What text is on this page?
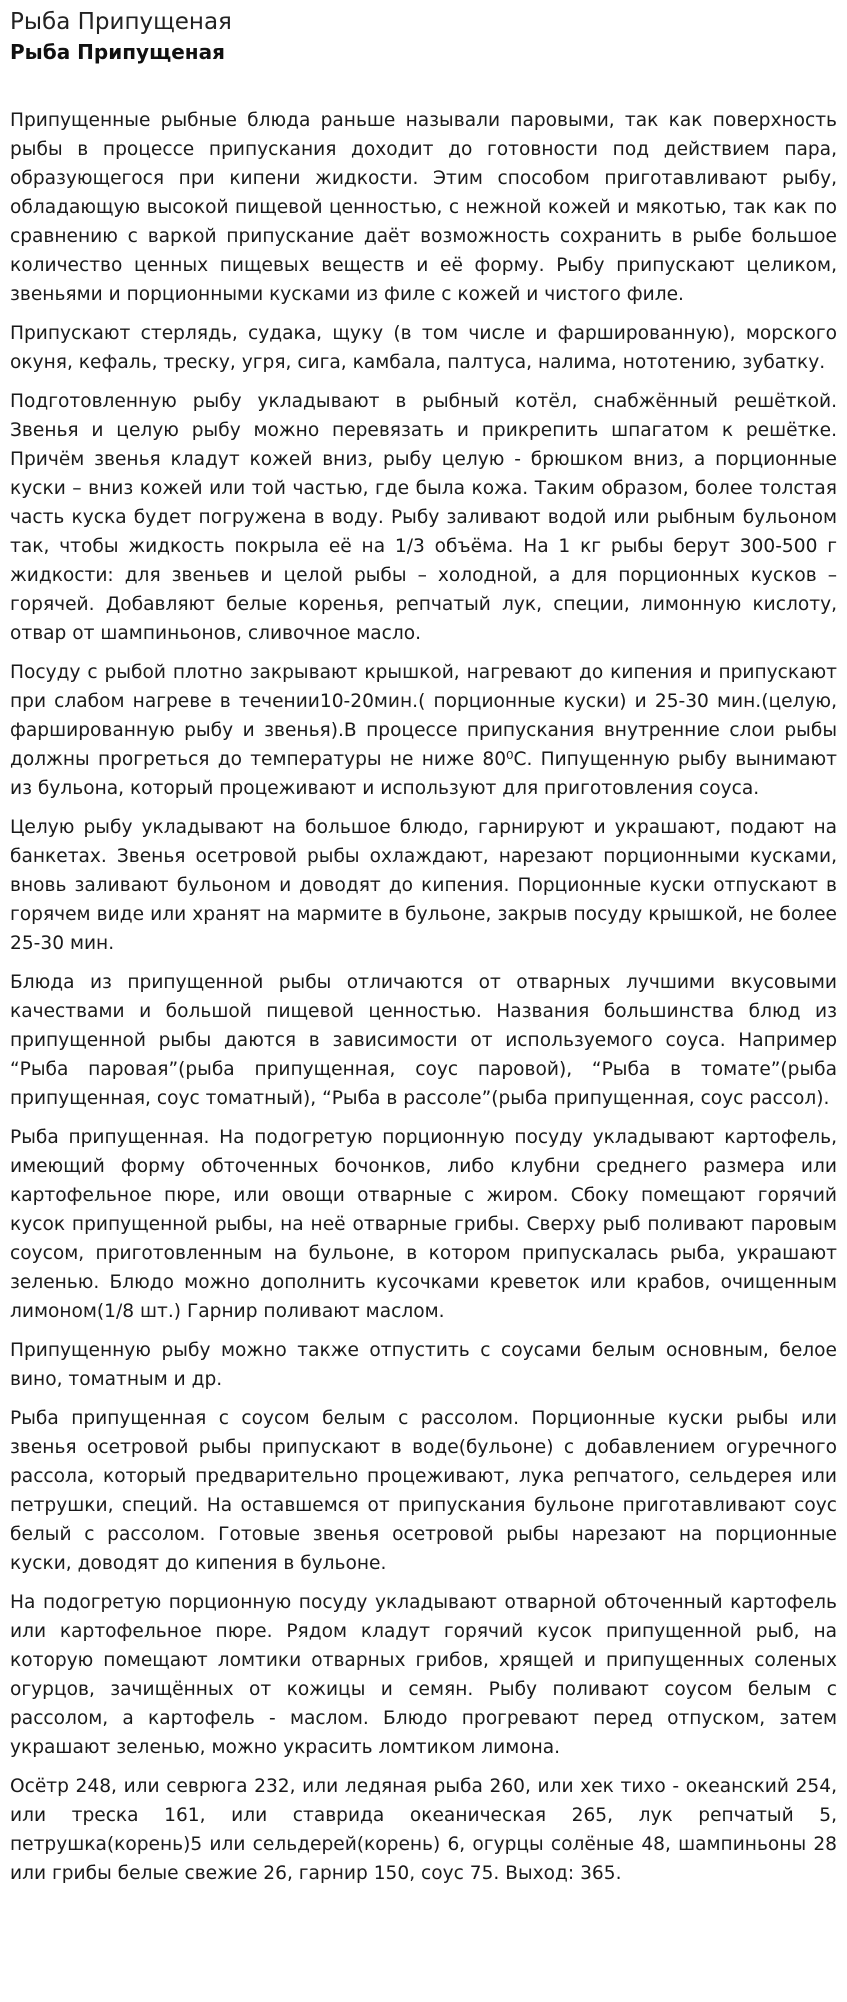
Рыба Припущеная
Рыба Припущеная

Припущенные рыбные блюда раньше называли паровыми, так как поверхность рыбы в процессе припускания доходит до готовности под действием пара, образующегося при кипени жидкости. Этим способом приготавливают рыбу, обладающую высокой пищевой ценностью, с нежной кожей и мякотью, так как по сравнению с варкой припускание даёт возможность сохранить в рыбе большое количество ценных пищевых веществ и её форму. Рыбу припускают целиком, звеньями и порционными кусками из филе с кожей и чистого филе.

Припускают стерлядь, судака, щуку (в том числе и фаршированную), морского окуня, кефаль, треску, угря, сига, камбала, палтуса, налима, нототению, зубатку.

Подготовленную рыбу укладывают в рыбный котёл, снабжённый решёткой. Звенья и целую рыбу можно перевязать и прикрепить шпагатом к решётке. Причём звенья кладут кожей вниз, рыбу целую - брюшком вниз, а порционные куски – вниз кожей или той частью, где была кожа. Таким образом, более толстая часть куска будет погружена в воду. Рыбу заливают водой или рыбным бульоном так, чтобы жидкость покрыла её на 1/3 объёма. На 1 кг рыбы берут 300-500 г жидкости: для звеньев и целой рыбы – холодной, а для порционных кусков – горячей. Добавляют белые коренья, репчатый лук, специи, лимонную кислоту, отвар от шампиньонов, сливочное масло.

Посуду с рыбой плотно закрывают крышкой, нагревают до кипения и припускают при слабом нагреве в течении10-20мин.( порционные куски) и 25-30 мин.(целую, фаршированную рыбу и звенья).В процессе припускания внутренние слои рыбы должны прогреться до температуры не ниже 80⁰С. Пипущенную рыбу вынимают из бульона, который процеживают и используют для приготовления соуса.

Целую рыбу укладывают на большое блюдо, гарнируют и украшают, подают на банкетах. Звенья осетровой рыбы охлаждают, нарезают порционными кусками, вновь заливают бульоном и доводят до кипения. Порционные куски отпускают в горячем виде или хранят на мармите в бульоне, закрыв посуду крышкой, не более 25-30 мин.

Блюда из припущенной рыбы отличаются от отварных лучшими вкусовыми качествами и большой пищевой ценностью. Названия большинства блюд из припущенной рыбы даются в зависимости от используемого соуса. Например “Рыба паровая”(рыба припущенная, соус паровой), “Рыба в томате”(рыба припущенная, соус томатный), “Рыба в рассоле”(рыба припущенная, соус рассол).

Рыба припущенная. На подогретую порционную посуду укладывают картофель, имеющий форму обточенных бочонков, либо клубни среднего размера или картофельное пюре, или овощи отварные с жиром. Сбоку помещают горячий кусок припущенной рыбы, на неё отварные грибы. Сверху рыб поливают паровым соусом, приготовленным на бульоне, в котором припускалась рыба, украшают зеленью. Блюдо можно дополнить кусочками креветок или крабов, очищенным лимоном(1/8 шт.) Гарнир поливают маслом.

Припущенную рыбу можно также отпустить с соусами белым основным, белое вино, томатным и др.

Рыба припущенная с соусом белым с рассолом. Порционные куски рыбы или звенья осетровой рыбы припускают в воде(бульоне) с добавлением огуречного рассола, который предварительно процеживают, лука репчатого, сельдерея или петрушки, специй. На оставшемся от припускания бульоне приготавливают соус белый с рассолом. Готовые звенья осетровой рыбы нарезают на порционные куски, доводят до кипения в бульоне.

На подогретую порционную посуду укладывают отварной обточенный картофель или картофельное пюре. Рядом кладут горячий кусок припущенной рыб, на которую помещают ломтики отварных грибов, хрящей и припущенных соленых огурцов, зачищённых от кожицы и семян. Рыбу поливают соусом белым с рассолом, а картофель - маслом. Блюдо прогревают перед отпуском, затем украшают зеленью, можно украсить ломтиком лимона.

Осётр 248, или севрюга 232, или ледяная рыба 260, или хек тихо - океанский 254, или треска 161, или ставрида океаническая 265, лук репчатый 5, петрушка(корень)5 или сельдерей(корень) 6, огурцы солёные 48, шампиньоны 28 или грибы белые свежие 26, гарнир 150, соус 75. Выход: 365.
